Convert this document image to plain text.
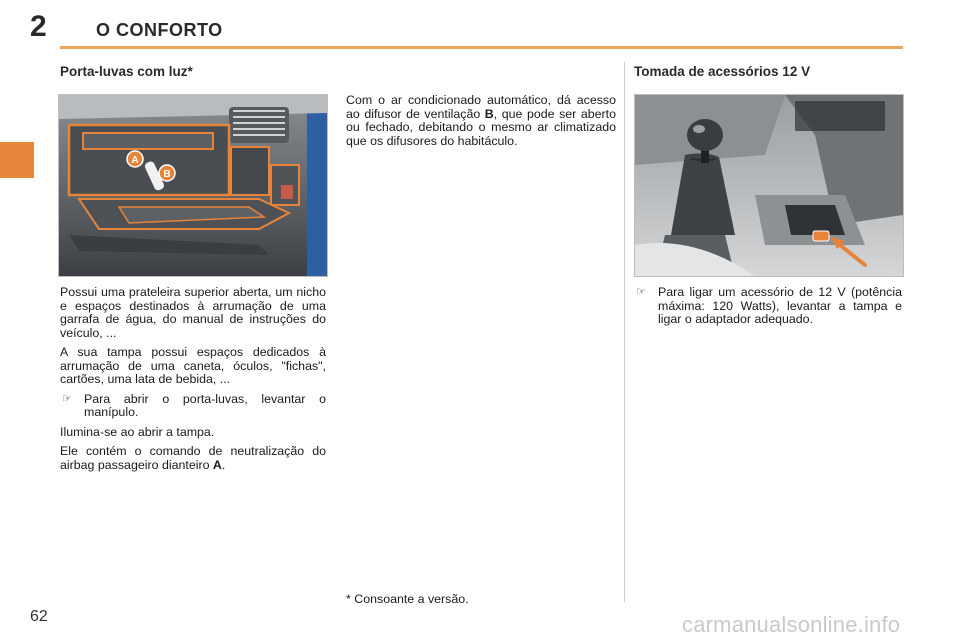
2	O CONFORTO
Porta-luvas com luz*
A
B

Possui uma prateleira superior aberta, um nicho e espaços destinados à arrumação de uma garrafa de água, do manual de instruções do veículo, ...

A sua tampa possui espaços dedicados à arrumação de uma caneta, óculos, "fichas", cartões, uma lata de bebida, ...

☞ Para abrir o porta-luvas, levantar o manípulo.

Ilumina-se ao abrir a tampa.

Ele contém o comando de neutralização do airbag passageiro dianteiro A.

Com o ar condicionado automático, dá acesso ao difusor de ventilação B, que pode ser aberto ou fechado, debitando o mesmo ar climatizado que os difusores do habitáculo.

Tomada de acessórios 12 V
☞ Para ligar um acessório de 12 V (potência máxima: 120 Watts), levantar a tampa e ligar o adaptador adequado.
* Consoante a versão.
62	carmanualsonline.info
